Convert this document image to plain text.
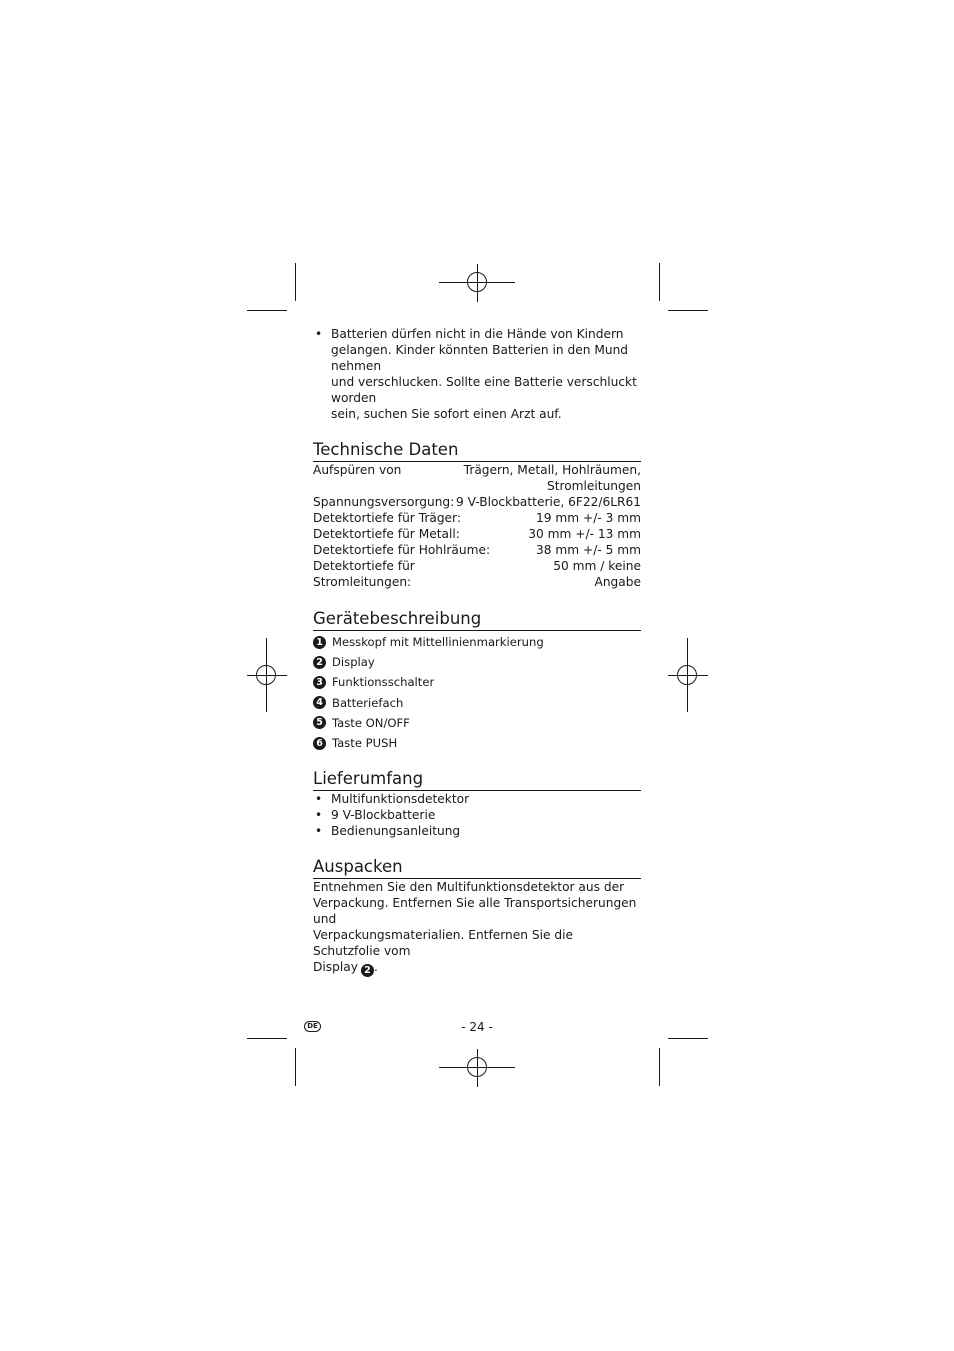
• Batterien dürfen nicht in die Hände von Kindern
gelangen. Kinder könnten Batterien in den Mund nehmen
und verschlucken. Sollte eine Batterie verschluckt worden
sein, suchen Sie sofort einen Arzt auf.
Technische Daten
Aufspüren von	Trägern, Metall, Hohlräumen,
Stromleitungen
Spannungsversorgung: 9 V-Blockbatterie, 6F22/6LR61
Detektortiefe für Träger:	19 mm +/- 3 mm
Detektortiefe für Metall:	30 mm +/- 13 mm
Detektortiefe für Hohlräume:	38 mm +/- 5 mm
Detektortiefe für Stromleitungen:
50 mm / keine Angabe
Gerätebeschreibung
1 Messkopf mit Mittellinienmarkierung
2 Display
3 Funktionsschalter
4 Batteriefach
5 Taste ON/OFF
6 Taste PUSH
Lieferumfang
• Multifunktionsdetektor
• 9 V-Blockbatterie
• Bedienungsanleitung
Auspacken
Entnehmen Sie den Multifunktionsdetektor aus der
Verpackung. Entfernen Sie alle Transportsicherungen und
Verpackungsmaterialien. Entfernen Sie die Schutzfolie vom
Display 2 .
DE	- 24 -
